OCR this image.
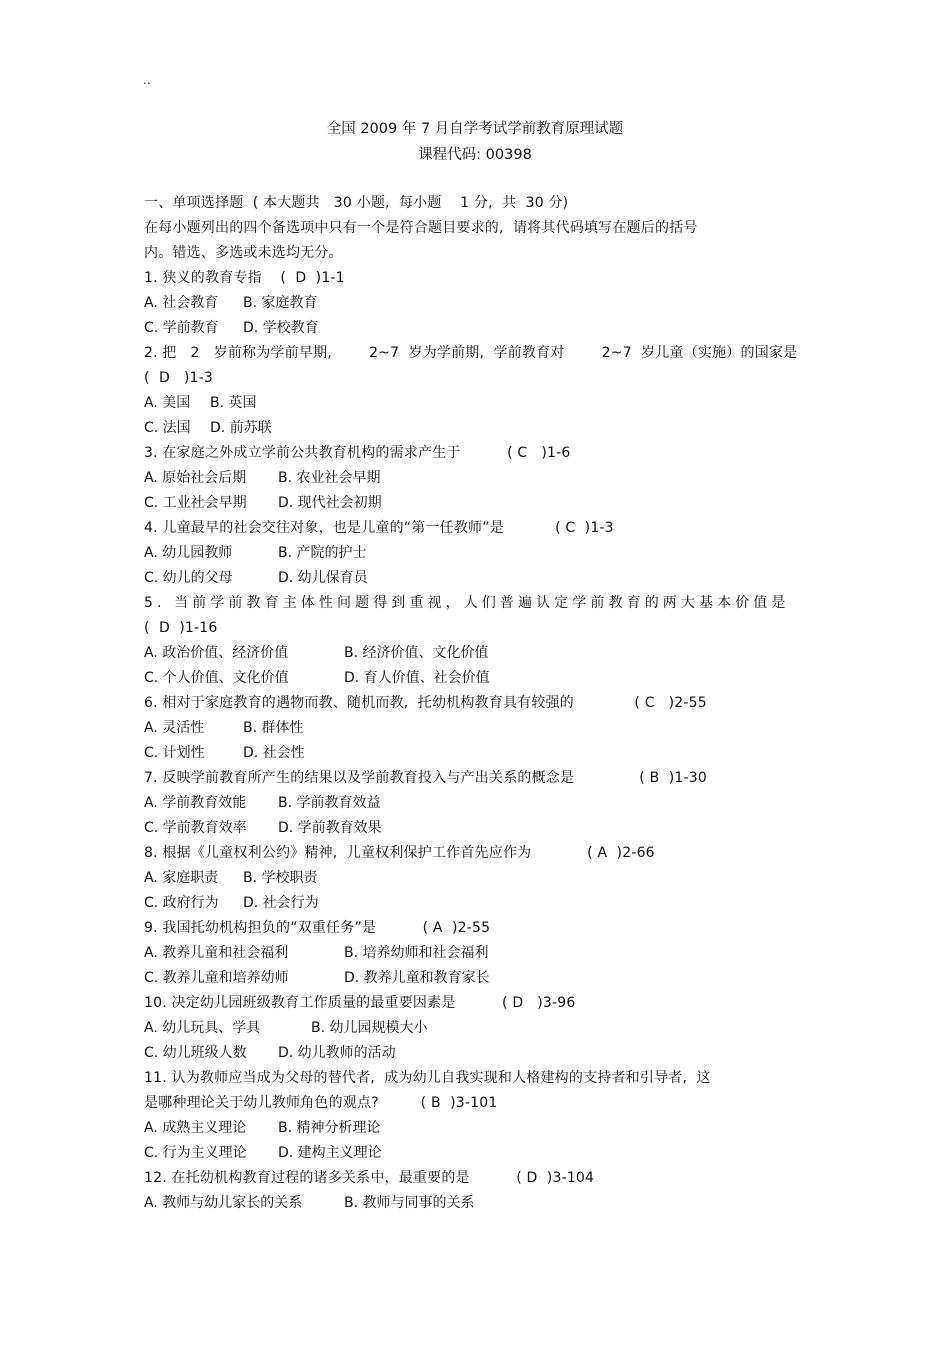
..
全国 2009 年 7 月自学考试学前教育原理试题
课程代码: 00398
一、单项选择题  ( 本大题共   30 小题,  每小题    1 分,  共  30 分)
在每小题列出的四个备选项中只有一个是符合题目要求的,  请将其代码填写在题后的括号
内。错选、多选或未选均无分。
1. 狭义的教育专指    (  D  )1-1
A. 社会教育 B. 家庭教育
C. 学前教育 D. 学校教育
2. 把   2   岁前称为学前早期,        2~7  岁为学前期,  学前教育对        2~7  岁儿童（实施）的国家是
(  D   )1-3
A. 美国 B. 英国
C. 法国 D. 前苏联
3. 在家庭之外成立学前公共教育机构的需求产生于          ( C   )1-6
A. 原始社会后期 B. 农业社会早期
C. 工业社会早期 D. 现代社会初期
4. 儿童最早的社会交往对象，也是儿童的“第一任教师”是           ( C  )1-3
A. 幼儿园教师	B. 产院的护士
C. 幼儿的父母	D. 幼儿保育员
5. 当前学前教育主体性问题得到重视，人们普遍认定学前教育的两大基本价值是
(  D  )1-16
A. 政治价值、经济价值	B. 经济价值、文化价值
C. 个人价值、文化价值	D. 育人价值、社会价值
6. 相对于家庭教育的遇物而教、随机而教,  托幼机构教育具有较强的             ( C   )2-55
A. 灵活性	B. 群体性
C. 计划性	D. 社会性
7. 反映学前教育所产生的结果以及学前教育投入与产出关系的概念是              ( B  )1-30
A. 学前教育效能 B. 学前教育效益
C. 学前教育效率 D. 学前教育效果
8. 根据《儿童权利公约》精神,  儿童权利保护工作首先应作为            ( A  )2-66
A. 家庭职责 B. 学校职责
C. 政府行为 D. 社会行为
9. 我国托幼机构担负的“双重任务”是          ( A  )2-55
A. 教养儿童和社会福利	B. 培养幼师和社会福利
C. 教养儿童和培养幼师	D. 教养儿童和教育家长
10. 决定幼儿园班级教育工作质量的最重要因素是          ( D   )3-96
A. 幼儿玩具、学具	B. 幼儿园规模大小
C. 幼儿班级人数 D. 幼儿教师的活动
11. 认为教师应当成为父母的替代者,  成为幼儿自我实现和人格建构的支持者和引导者,  这
是哪种理论关于幼儿教师角色的观点?         ( B  )3-101
A. 成熟主义理论 B. 精神分析理论
C. 行为主义理论 D. 建构主义理论
12. 在托幼机构教育过程的诸多关系中，最重要的是          ( D  )3-104
A. 教师与幼儿家长的关系	B. 教师与同事的关系
